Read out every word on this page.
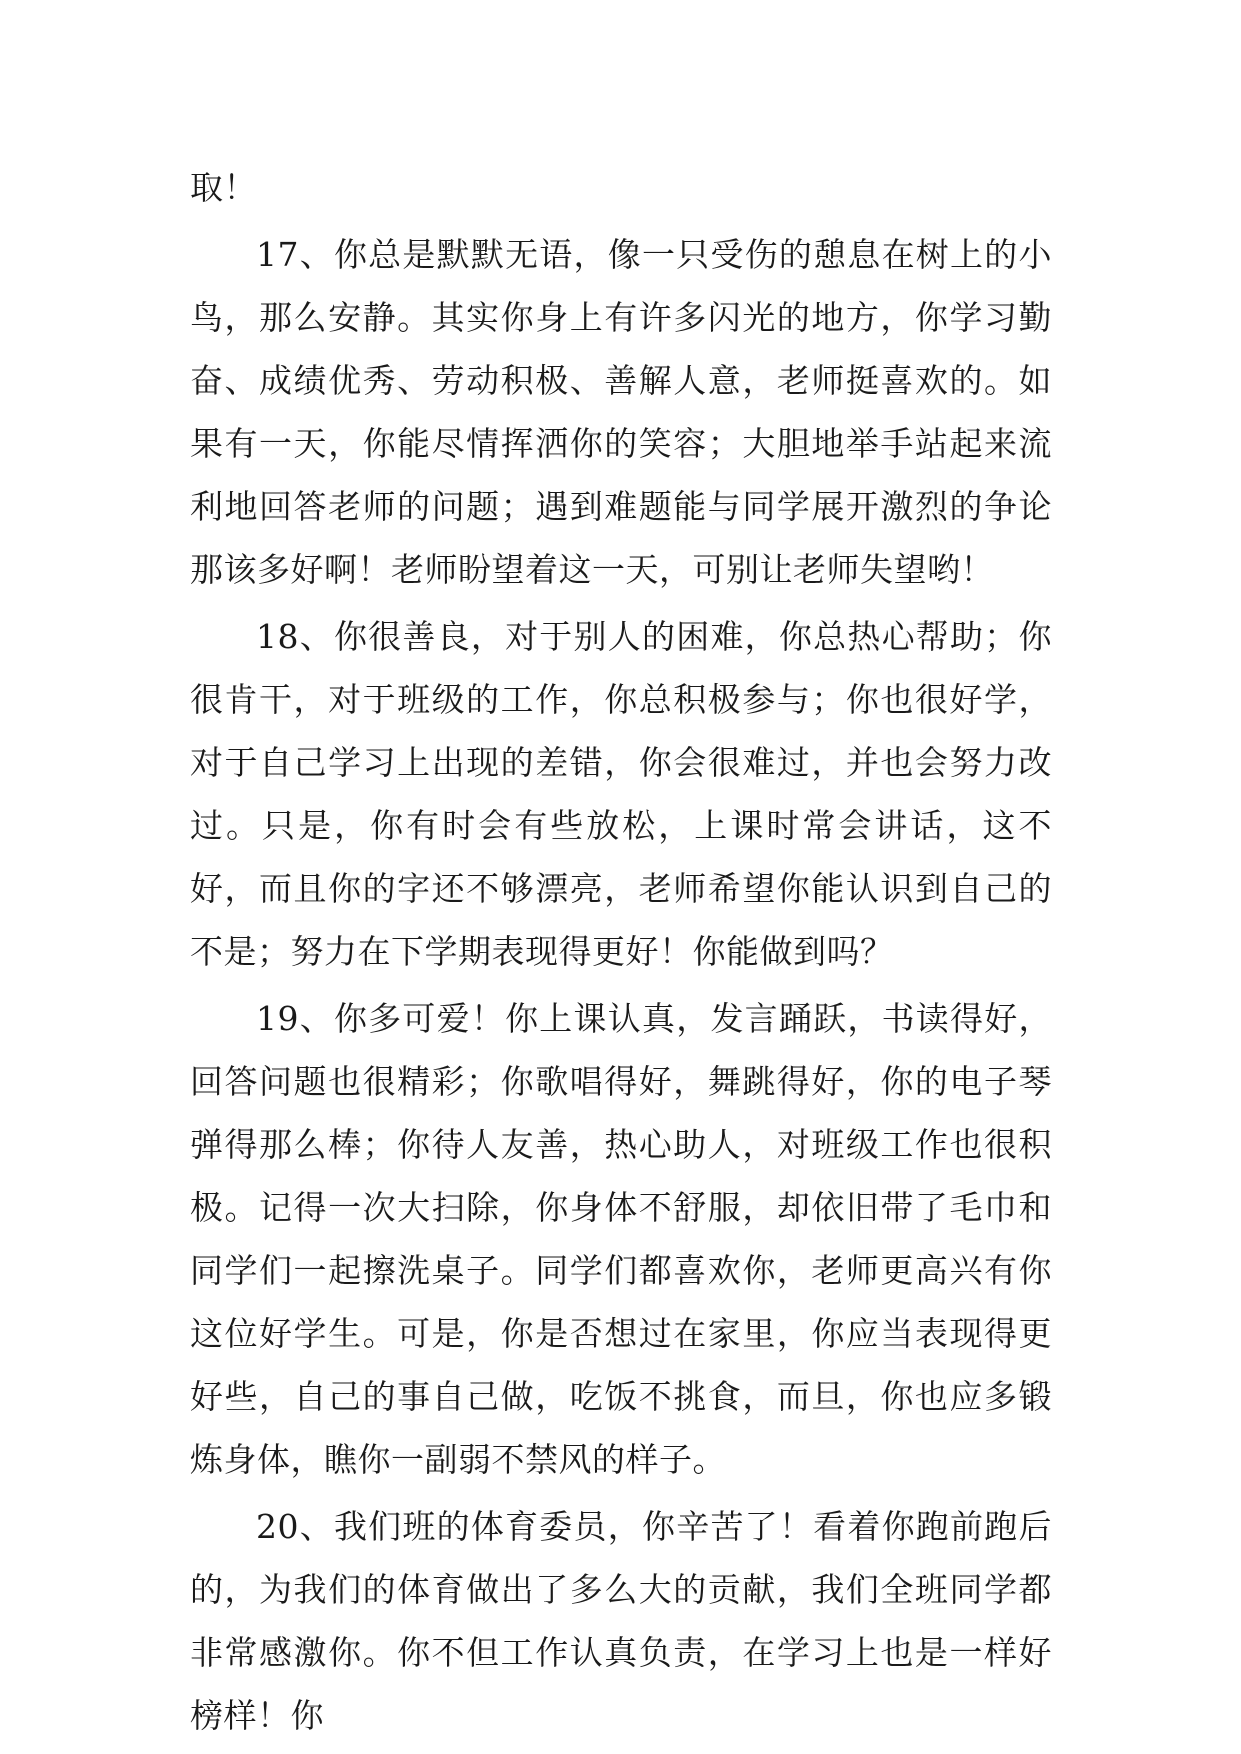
取！

17、你总是默默无语，像一只受伤的憩息在树上的小鸟，那么安静。其实你身上有许多闪光的地方，你学习勤奋、成绩优秀、劳动积极、善解人意，老师挺喜欢的。如果有一天，你能尽情挥洒你的笑容；大胆地举手站起来流利地回答老师的问题；遇到难题能与同学展开激烈的争论那该多好啊！老师盼望着这一天，可别让老师失望哟！

18、你很善良，对于别人的困难，你总热心帮助；你很肯干，对于班级的工作，你总积极参与；你也很好学，对于自己学习上出现的差错，你会很难过，并也会努力改过。只是，你有时会有些放松，上课时常会讲话，这不好，而且你的字还不够漂亮，老师希望你能认识到自己的不是；努力在下学期表现得更好！你能做到吗？

19、你多可爱！你上课认真，发言踊跃，书读得好，回答问题也很精彩；你歌唱得好，舞跳得好，你的电子琴弹得那么棒；你待人友善，热心助人，对班级工作也很积极。记得一次大扫除，你身体不舒服，却依旧带了毛巾和同学们一起擦洗桌子。同学们都喜欢你，老师更高兴有你这位好学生。可是，你是否想过在家里，你应当表现得更好些，自己的事自己做，吃饭不挑食，而旦，你也应多锻炼身体，瞧你一副弱不禁风的样子。

20、我们班的体育委员，你辛苦了！看着你跑前跑后的，为我们的体育做出了多么大的贡献，我们全班同学都非常感激你。你不但工作认真负责，在学习上也是一样好榜样！你
